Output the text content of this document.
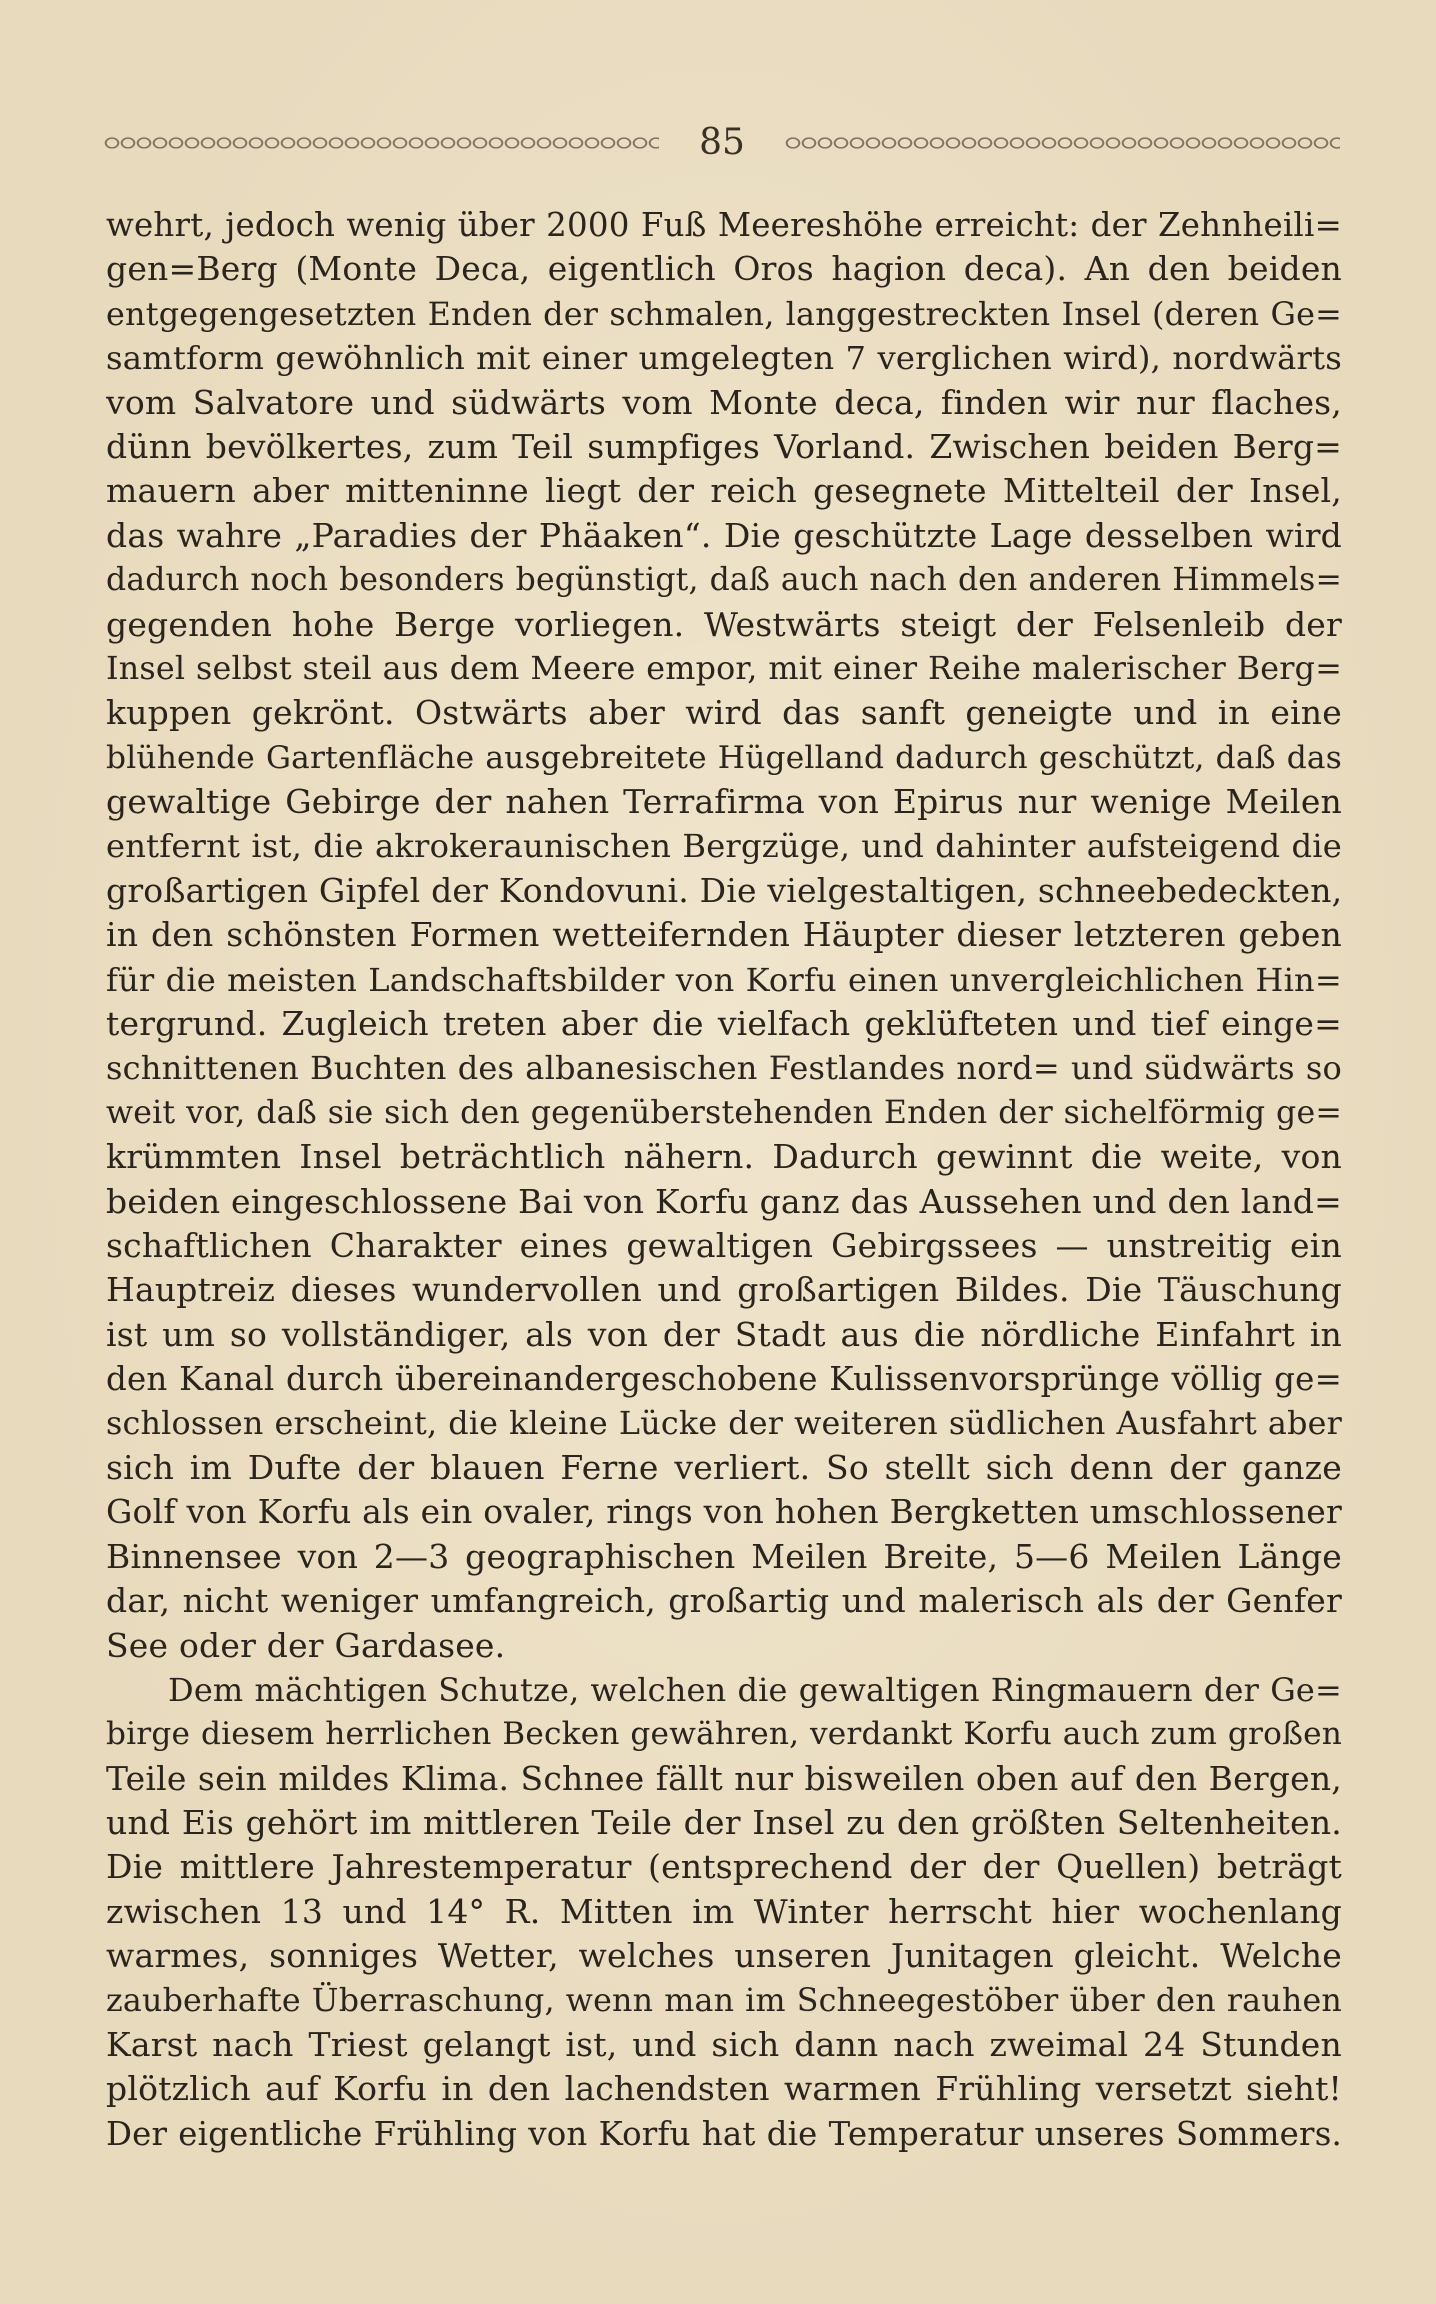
85
wehrt, jedoch wenig über 2000 Fuß Meereshöhe erreicht: der Zehnheili=
gen=Berg (Monte Deca, eigentlich Oros hagion deca). An den beiden
entgegengesetzten Enden der schmalen, langgestreckten Insel (deren Ge=
samtform gewöhnlich mit einer umgelegten 7 verglichen wird), nordwärts
vom Salvatore und südwärts vom Monte deca, finden wir nur flaches,
dünn bevölkertes, zum Teil sumpfiges Vorland. Zwischen beiden Berg=
mauern aber mitteninne liegt der reich gesegnete Mittelteil der Insel,
das wahre „Paradies der Phäaken“. Die geschützte Lage desselben wird
dadurch noch besonders begünstigt, daß auch nach den anderen Himmels=
gegenden hohe Berge vorliegen. Westwärts steigt der Felsenleib der
Insel selbst steil aus dem Meere empor, mit einer Reihe malerischer Berg=
kuppen gekrönt. Ostwärts aber wird das sanft geneigte und in eine
blühende Gartenfläche ausgebreitete Hügelland dadurch geschützt, daß das
gewaltige Gebirge der nahen Terrafirma von Epirus nur wenige Meilen
entfernt ist, die akrokeraunischen Bergzüge, und dahinter aufsteigend die
großartigen Gipfel der Kondovuni. Die vielgestaltigen, schneebedeckten,
in den schönsten Formen wetteifernden Häupter dieser letzteren geben
für die meisten Landschaftsbilder von Korfu einen unvergleichlichen Hin=
tergrund. Zugleich treten aber die vielfach geklüfteten und tief einge=
schnittenen Buchten des albanesischen Festlandes nord= und südwärts so
weit vor, daß sie sich den gegenüberstehenden Enden der sichelförmig ge=
krümmten Insel beträchtlich nähern. Dadurch gewinnt die weite, von
beiden eingeschlossene Bai von Korfu ganz das Aussehen und den land=
schaftlichen Charakter eines gewaltigen Gebirgssees — unstreitig ein
Hauptreiz dieses wundervollen und großartigen Bildes. Die Täuschung
ist um so vollständiger, als von der Stadt aus die nördliche Einfahrt in
den Kanal durch übereinandergeschobene Kulissenvorsprünge völlig ge=
schlossen erscheint, die kleine Lücke der weiteren südlichen Ausfahrt aber
sich im Dufte der blauen Ferne verliert. So stellt sich denn der ganze
Golf von Korfu als ein ovaler, rings von hohen Bergketten umschlossener
Binnensee von 2—3 geographischen Meilen Breite, 5—6 Meilen Länge
dar, nicht weniger umfangreich, großartig und malerisch als der Genfer
See oder der Gardasee.
Dem mächtigen Schutze, welchen die gewaltigen Ringmauern der Ge=
birge diesem herrlichen Becken gewähren, verdankt Korfu auch zum großen
Teile sein mildes Klima. Schnee fällt nur bisweilen oben auf den Bergen,
und Eis gehört im mittleren Teile der Insel zu den größten Seltenheiten.
Die mittlere Jahrestemperatur (entsprechend der der Quellen) beträgt
zwischen 13 und 14° R. Mitten im Winter herrscht hier wochenlang
warmes, sonniges Wetter, welches unseren Junitagen gleicht. Welche
zauberhafte Überraschung, wenn man im Schneegestöber über den rauhen
Karst nach Triest gelangt ist, und sich dann nach zweimal 24 Stunden
plötzlich auf Korfu in den lachendsten warmen Frühling versetzt sieht!
Der eigentliche Frühling von Korfu hat die Temperatur unseres Sommers.
